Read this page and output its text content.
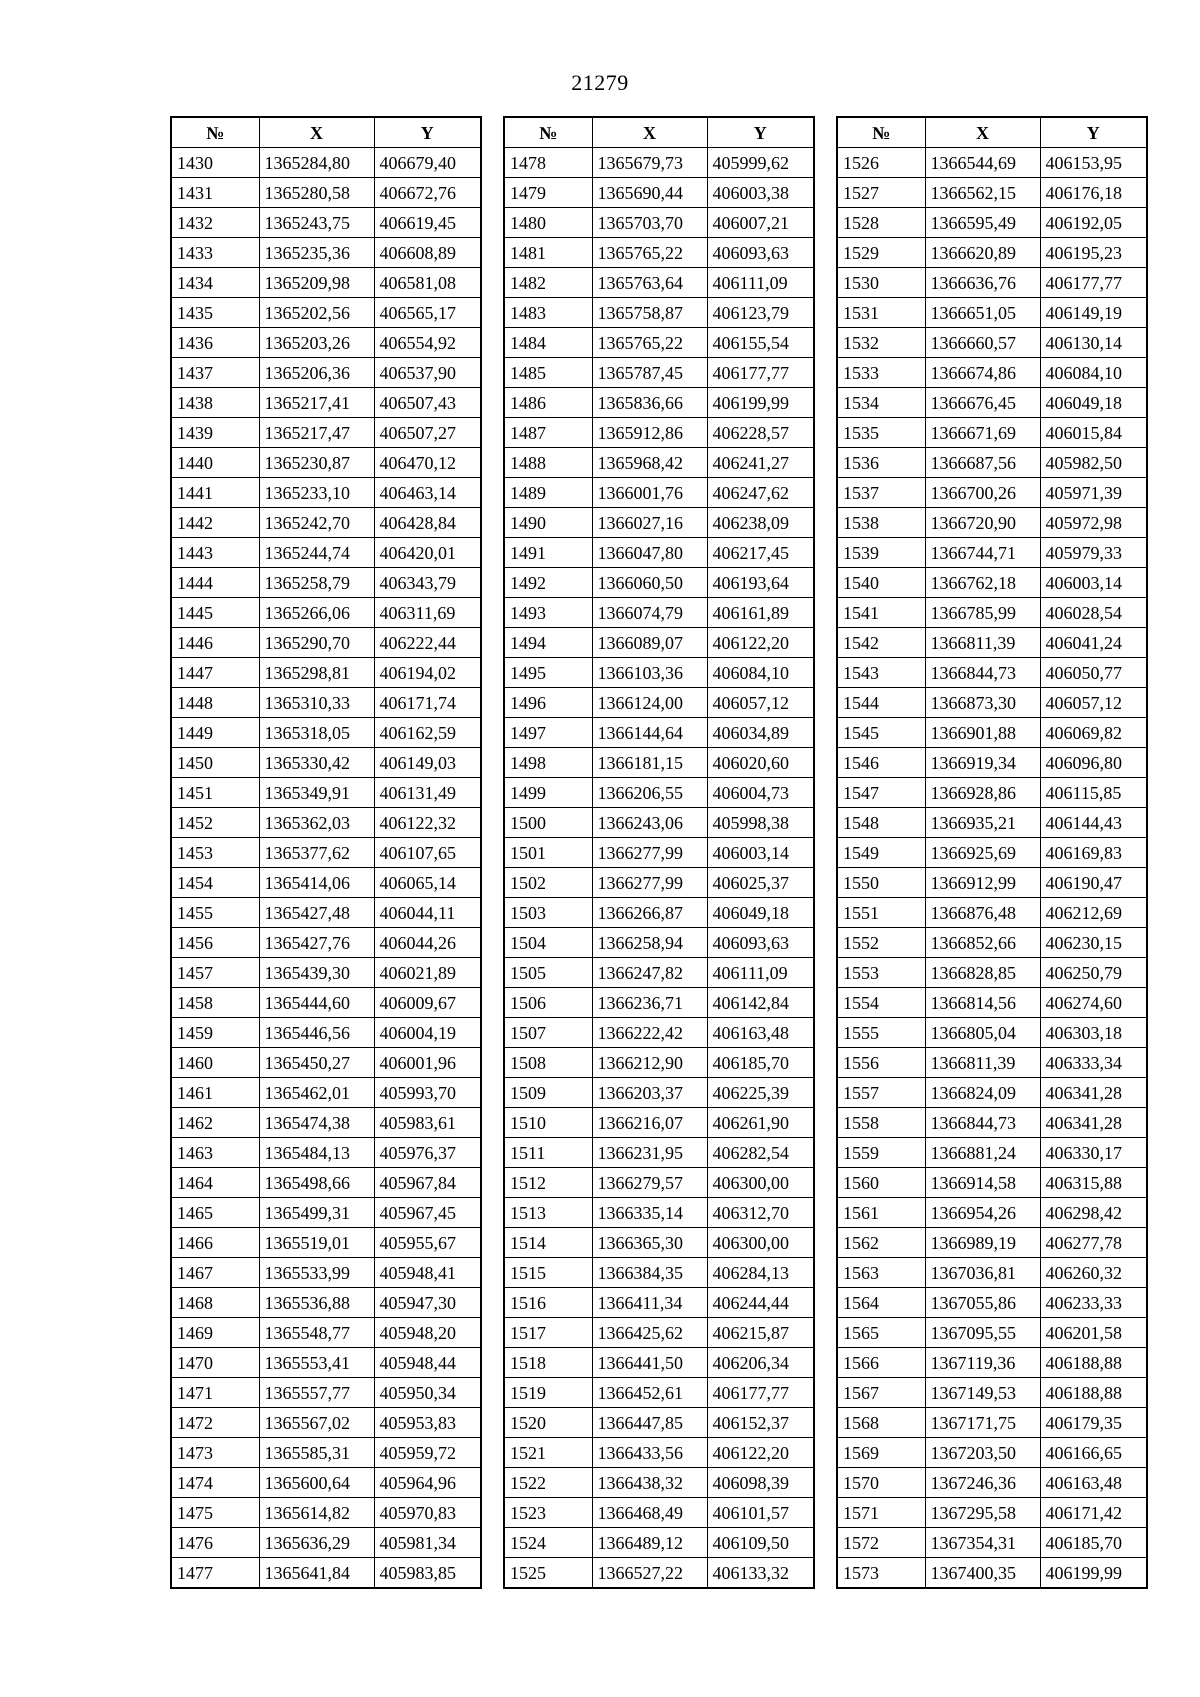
21279
№	X	Y
1430	1365284,80	406679,40
1431	1365280,58	406672,76
1432	1365243,75	406619,45
1433	1365235,36	406608,89
1434	1365209,98	406581,08
1435	1365202,56	406565,17
1436	1365203,26	406554,92
1437	1365206,36	406537,90
1438	1365217,41	406507,43
1439	1365217,47	406507,27
1440	1365230,87	406470,12
1441	1365233,10	406463,14
1442	1365242,70	406428,84
1443	1365244,74	406420,01
1444	1365258,79	406343,79
1445	1365266,06	406311,69
1446	1365290,70	406222,44
1447	1365298,81	406194,02
1448	1365310,33	406171,74
1449	1365318,05	406162,59
1450	1365330,42	406149,03
1451	1365349,91	406131,49
1452	1365362,03	406122,32
1453	1365377,62	406107,65
1454	1365414,06	406065,14
1455	1365427,48	406044,11
1456	1365427,76	406044,26
1457	1365439,30	406021,89
1458	1365444,60	406009,67
1459	1365446,56	406004,19
1460	1365450,27	406001,96
1461	1365462,01	405993,70
1462	1365474,38	405983,61
1463	1365484,13	405976,37
1464	1365498,66	405967,84
1465	1365499,31	405967,45
1466	1365519,01	405955,67
1467	1365533,99	405948,41
1468	1365536,88	405947,30
1469	1365548,77	405948,20
1470	1365553,41	405948,44
1471	1365557,77	405950,34
1472	1365567,02	405953,83
1473	1365585,31	405959,72
1474	1365600,64	405964,96
1475	1365614,82	405970,83
1476	1365636,29	405981,34
1477	1365641,84	405983,85
№	X	Y
1478	1365679,73	405999,62
1479	1365690,44	406003,38
1480	1365703,70	406007,21
1481	1365765,22	406093,63
1482	1365763,64	406111,09
1483	1365758,87	406123,79
1484	1365765,22	406155,54
1485	1365787,45	406177,77
1486	1365836,66	406199,99
1487	1365912,86	406228,57
1488	1365968,42	406241,27
1489	1366001,76	406247,62
1490	1366027,16	406238,09
1491	1366047,80	406217,45
1492	1366060,50	406193,64
1493	1366074,79	406161,89
1494	1366089,07	406122,20
1495	1366103,36	406084,10
1496	1366124,00	406057,12
1497	1366144,64	406034,89
1498	1366181,15	406020,60
1499	1366206,55	406004,73
1500	1366243,06	405998,38
1501	1366277,99	406003,14
1502	1366277,99	406025,37
1503	1366266,87	406049,18
1504	1366258,94	406093,63
1505	1366247,82	406111,09
1506	1366236,71	406142,84
1507	1366222,42	406163,48
1508	1366212,90	406185,70
1509	1366203,37	406225,39
1510	1366216,07	406261,90
1511	1366231,95	406282,54
1512	1366279,57	406300,00
1513	1366335,14	406312,70
1514	1366365,30	406300,00
1515	1366384,35	406284,13
1516	1366411,34	406244,44
1517	1366425,62	406215,87
1518	1366441,50	406206,34
1519	1366452,61	406177,77
1520	1366447,85	406152,37
1521	1366433,56	406122,20
1522	1366438,32	406098,39
1523	1366468,49	406101,57
1524	1366489,12	406109,50
1525	1366527,22	406133,32
№	X	Y
1526	1366544,69	406153,95
1527	1366562,15	406176,18
1528	1366595,49	406192,05
1529	1366620,89	406195,23
1530	1366636,76	406177,77
1531	1366651,05	406149,19
1532	1366660,57	406130,14
1533	1366674,86	406084,10
1534	1366676,45	406049,18
1535	1366671,69	406015,84
1536	1366687,56	405982,50
1537	1366700,26	405971,39
1538	1366720,90	405972,98
1539	1366744,71	405979,33
1540	1366762,18	406003,14
1541	1366785,99	406028,54
1542	1366811,39	406041,24
1543	1366844,73	406050,77
1544	1366873,30	406057,12
1545	1366901,88	406069,82
1546	1366919,34	406096,80
1547	1366928,86	406115,85
1548	1366935,21	406144,43
1549	1366925,69	406169,83
1550	1366912,99	406190,47
1551	1366876,48	406212,69
1552	1366852,66	406230,15
1553	1366828,85	406250,79
1554	1366814,56	406274,60
1555	1366805,04	406303,18
1556	1366811,39	406333,34
1557	1366824,09	406341,28
1558	1366844,73	406341,28
1559	1366881,24	406330,17
1560	1366914,58	406315,88
1561	1366954,26	406298,42
1562	1366989,19	406277,78
1563	1367036,81	406260,32
1564	1367055,86	406233,33
1565	1367095,55	406201,58
1566	1367119,36	406188,88
1567	1367149,53	406188,88
1568	1367171,75	406179,35
1569	1367203,50	406166,65
1570	1367246,36	406163,48
1571	1367295,58	406171,42
1572	1367354,31	406185,70
1573	1367400,35	406199,99
